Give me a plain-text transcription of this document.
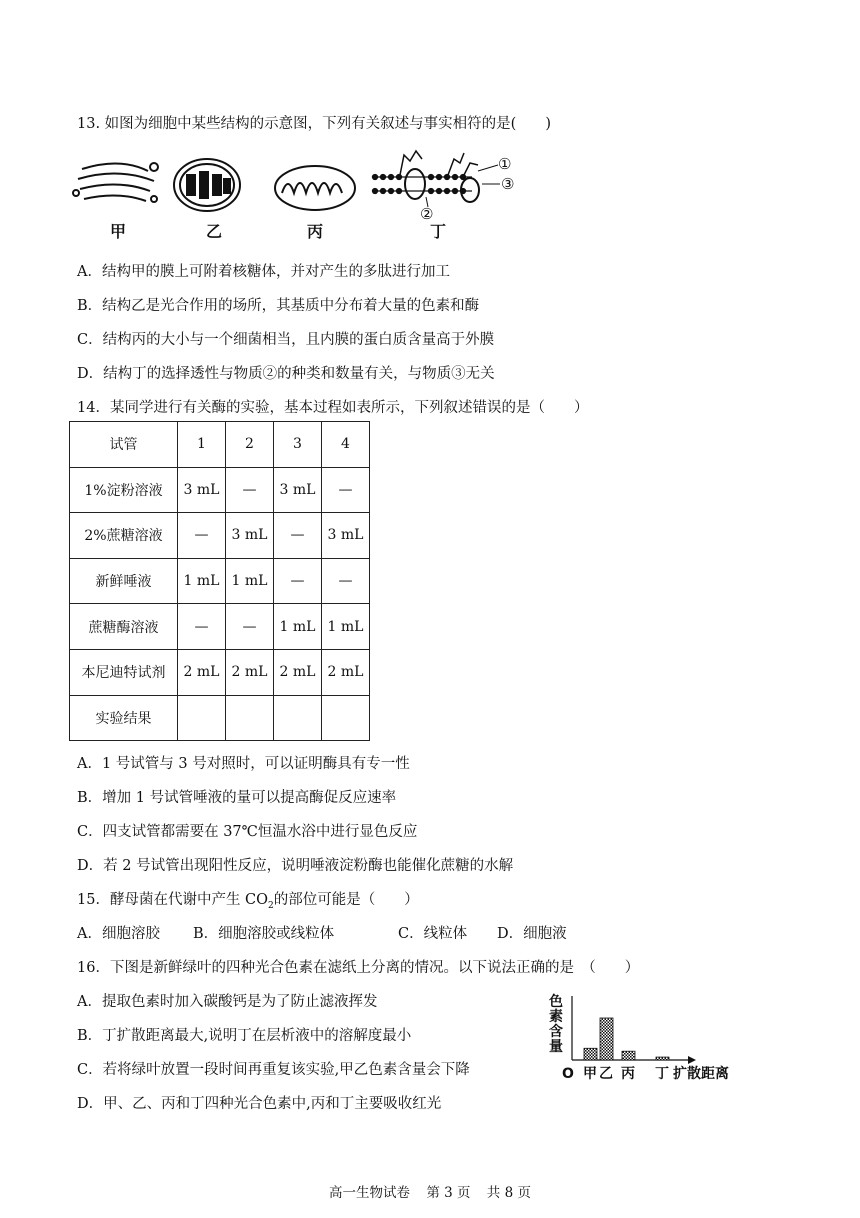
13. 如图为细胞中某些结构的示意图，下列有关叙述与事实相符的是(　　)
①
③
②
甲	乙	丙	丁
A．结构甲的膜上可附着核糖体，并对产生的多肽进行加工
B．结构乙是光合作用的场所，其基质中分布着大量的色素和酶
C．结构丙的大小与一个细菌相当，且内膜的蛋白质含量高于外膜
D．结构丁的选择透性与物质②的种类和数量有关，与物质③无关
14．某同学进行有关酶的实验，基本过程如表所示，下列叙述错误的是（　　）
试管	1	2	3	4
1%淀粉溶液	3 mL	—	3 mL	—
2%蔗糖溶液	—	3 mL	—	3 mL
新鲜唾液	1 mL	1 mL	—	—
蔗糖酶溶液	—	—	1 mL	1 mL
本尼迪特试剂	2 mL	2 mL	2 mL	2 mL
实验结果				
A．1 号试管与 3 号对照时，可以证明酶具有专一性
B．增加 1 号试管唾液的量可以提高酶促反应速率
C．四支试管都需要在 37℃恒温水浴中进行显色反应
D．若 2 号试管出现阳性反应，说明唾液淀粉酶也能催化蔗糖的水解
15．酵母菌在代谢中产生 $CO_2$的部位可能是（　　）
A．细胞溶胶 B．细胞溶胶或线粒体	C．线粒体 D．细胞液
16．下图是新鲜绿叶的四种光合色素在滤纸上分离的情况。以下说法正确的是　（　　）
A．提取色素时加入碳酸钙是为了防止滤液挥发
B．丁扩散距离最大,说明丁在层析液中的溶解度最小
C．若将绿叶放置一段时间再重复该实验,甲乙色素含量会下降
D．甲、乙、丙和丁四种光合色素中,丙和丁主要吸收红光
色
素
含
量
O 甲 乙 丙 丁 扩散距离
高一生物试卷 第 3 页 共 8 页
